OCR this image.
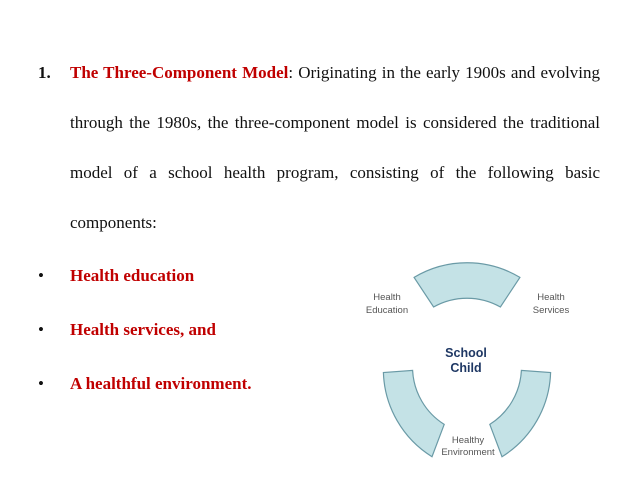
1. The Three-Component Model: Originating in the early 1900s and evolving through the 1980s, the three-component model is considered the traditional model of a school health program, consisting of the following basic components:
• Health education
• Health services, and
• A healthful environment.
Health
Education
Health
Services
Healthy
Environment
School
Child
